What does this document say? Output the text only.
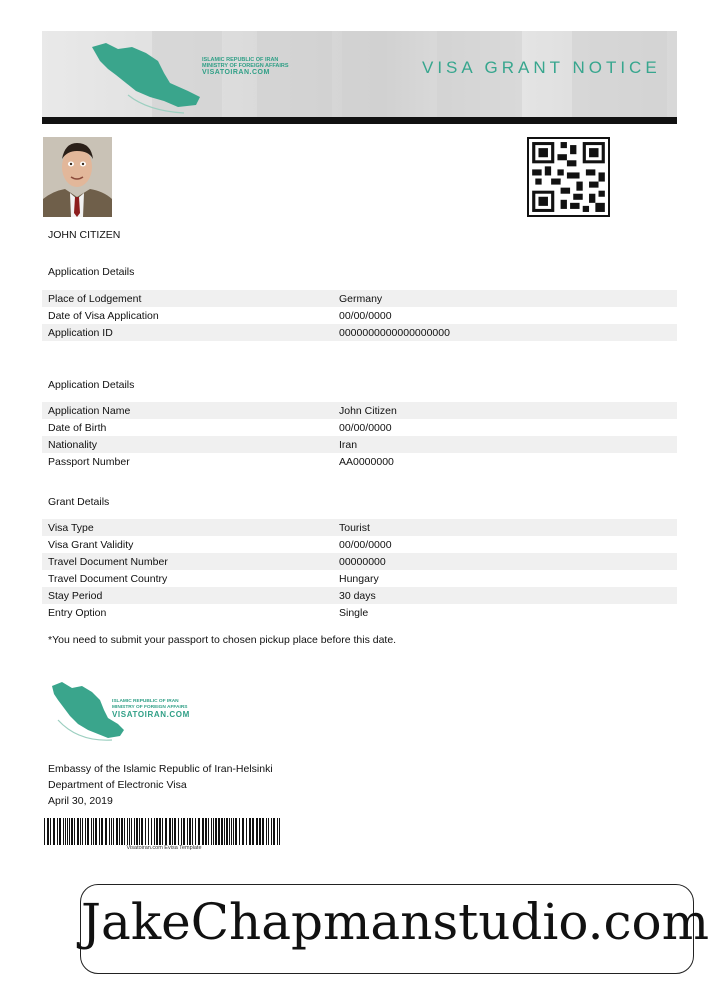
ISLAMIC REPUBLIC OF IRAN
MINISTRY OF FOREIGN AFFAIRS
VISATOIRAN.COM	VISA GRANT NOTICE
JOHN CITIZEN
Application Details
Place of Lodgement	Germany
Date of Visa Application	00/00/0000
Application ID	0000000000000000000
Application Details
Application Name	John Citizen
Date of Birth	00/00/0000
Nationality	Iran
Passport Number	AA0000000
Grant Details
Visa Type	Tourist
Visa Grant Validity	00/00/0000
Travel Document Number	00000000
Travel Document Country	Hungary
Stay Period	30 days
Entry Option	Single
*You need to submit your passport to chosen pickup place before this date.
ISLAMIC REPUBLIC OF IRAN
MINISTRY OF FOREIGN AFFAIRS
VISATOIRAN.COM
Embassy of the Islamic Republic of Iran-Helsinki
Department of Electronic Visa
April 30, 2019
Visatoiran.com Evisa Template
JakeChapmanstudio.com
